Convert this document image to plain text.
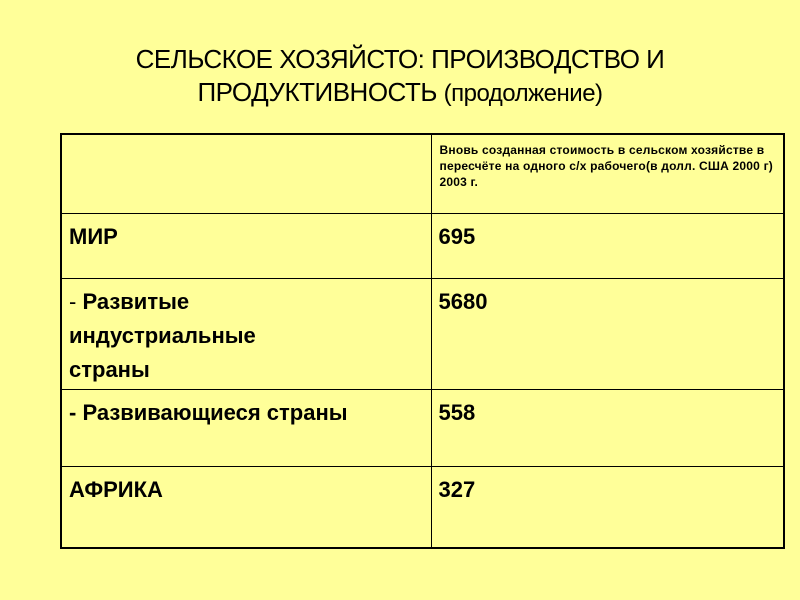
СЕЛЬСКОЕ ХОЗЯЙСТО: ПРОИЗВОДСТВО И ПРОДУКТИВНОСТЬ (продолжение)
	Вновь созданная стоимость в сельском хозяйстве в пересчёте на одного с/х рабочего(в долл. США 2000 г) 2003 г.
МИР	695

- Развитые
индустриальные
страны	5680
- Развивающиеся страны	558
АФРИКА	327
